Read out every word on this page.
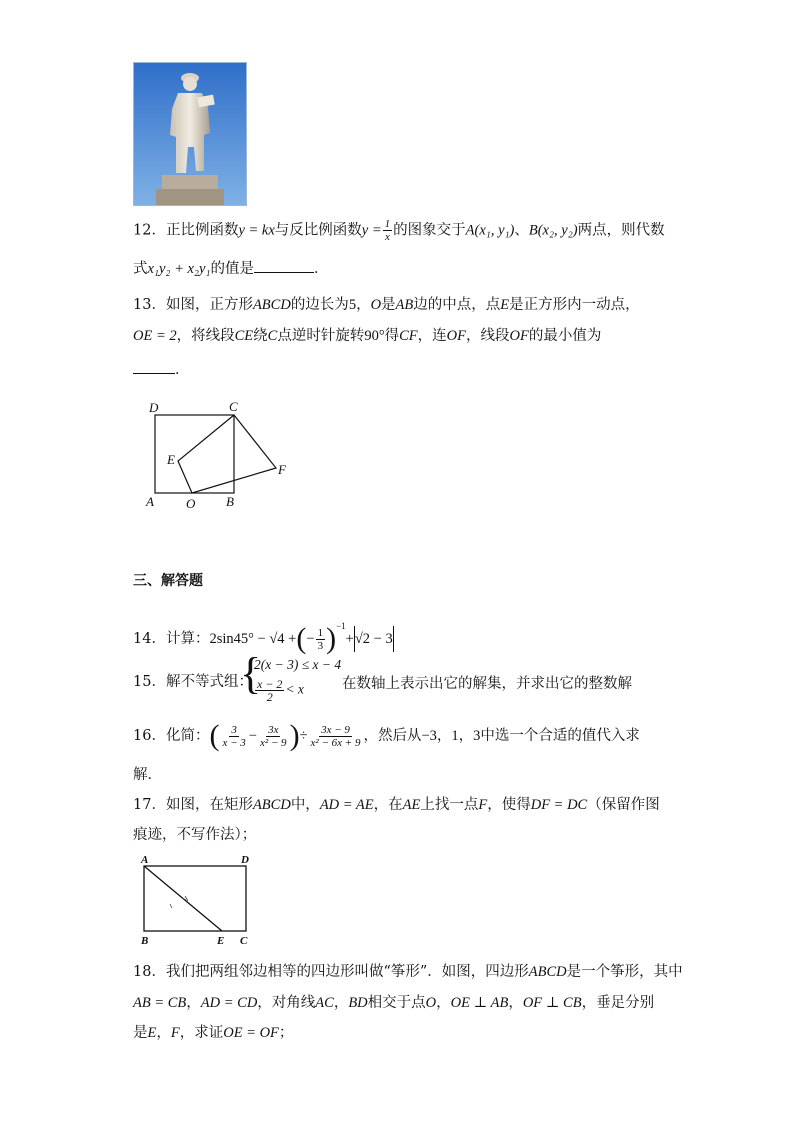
12．正比例函数y = kx与反比例函数$y = \frac{1}{x}$ 的图象交于A(x₁, y₁)、B(x₂, y₂)两点，则代数
式x₁y₂ + x₂y₁的值是	．
13．如图，正方形ABCD的边长为5，O是AB边的中点，点E是正方形内一动点，
OE = 2，将线段CE绕C点逆时针旋转90°得CF，连OF，线段OF的最小值为
．
D	C
E
F
A O B
三、解答题
14．计算：2sin45° − √4 +(− $\frac{1}{3} )^{-1}+√2 - 3$
15．解不等式组：
{
2(x − 3) ≤ x − 4
$\frac{x - 2}{2} < x$	在数轴上表示出它的解集，并求出它的整数解
16．化简：( $\frac{3}{x - 3} - \frac{3x}{\text{x² − 9}}$ )÷ $\frac{3x - 9}{\text{x² − 6x + 9}}$ ，然后从−3，1，3中选一个合适的值代入求
解．
17．如图，在矩形ABCD中，AD = AE，在AE上找一点F，使得DF = DC（保留作图
痕迹，不写作法）；
A	D
B	E C
18．我们把两组邻边相等的四边形叫做“筝形”．如图，四边形ABCD是一个筝形，其中
AB = CB，AD = CD，对角线AC，BD相交于点O，OE ⊥ AB，OF ⊥ CB，垂足分别
是E，F，求证OE = OF；
